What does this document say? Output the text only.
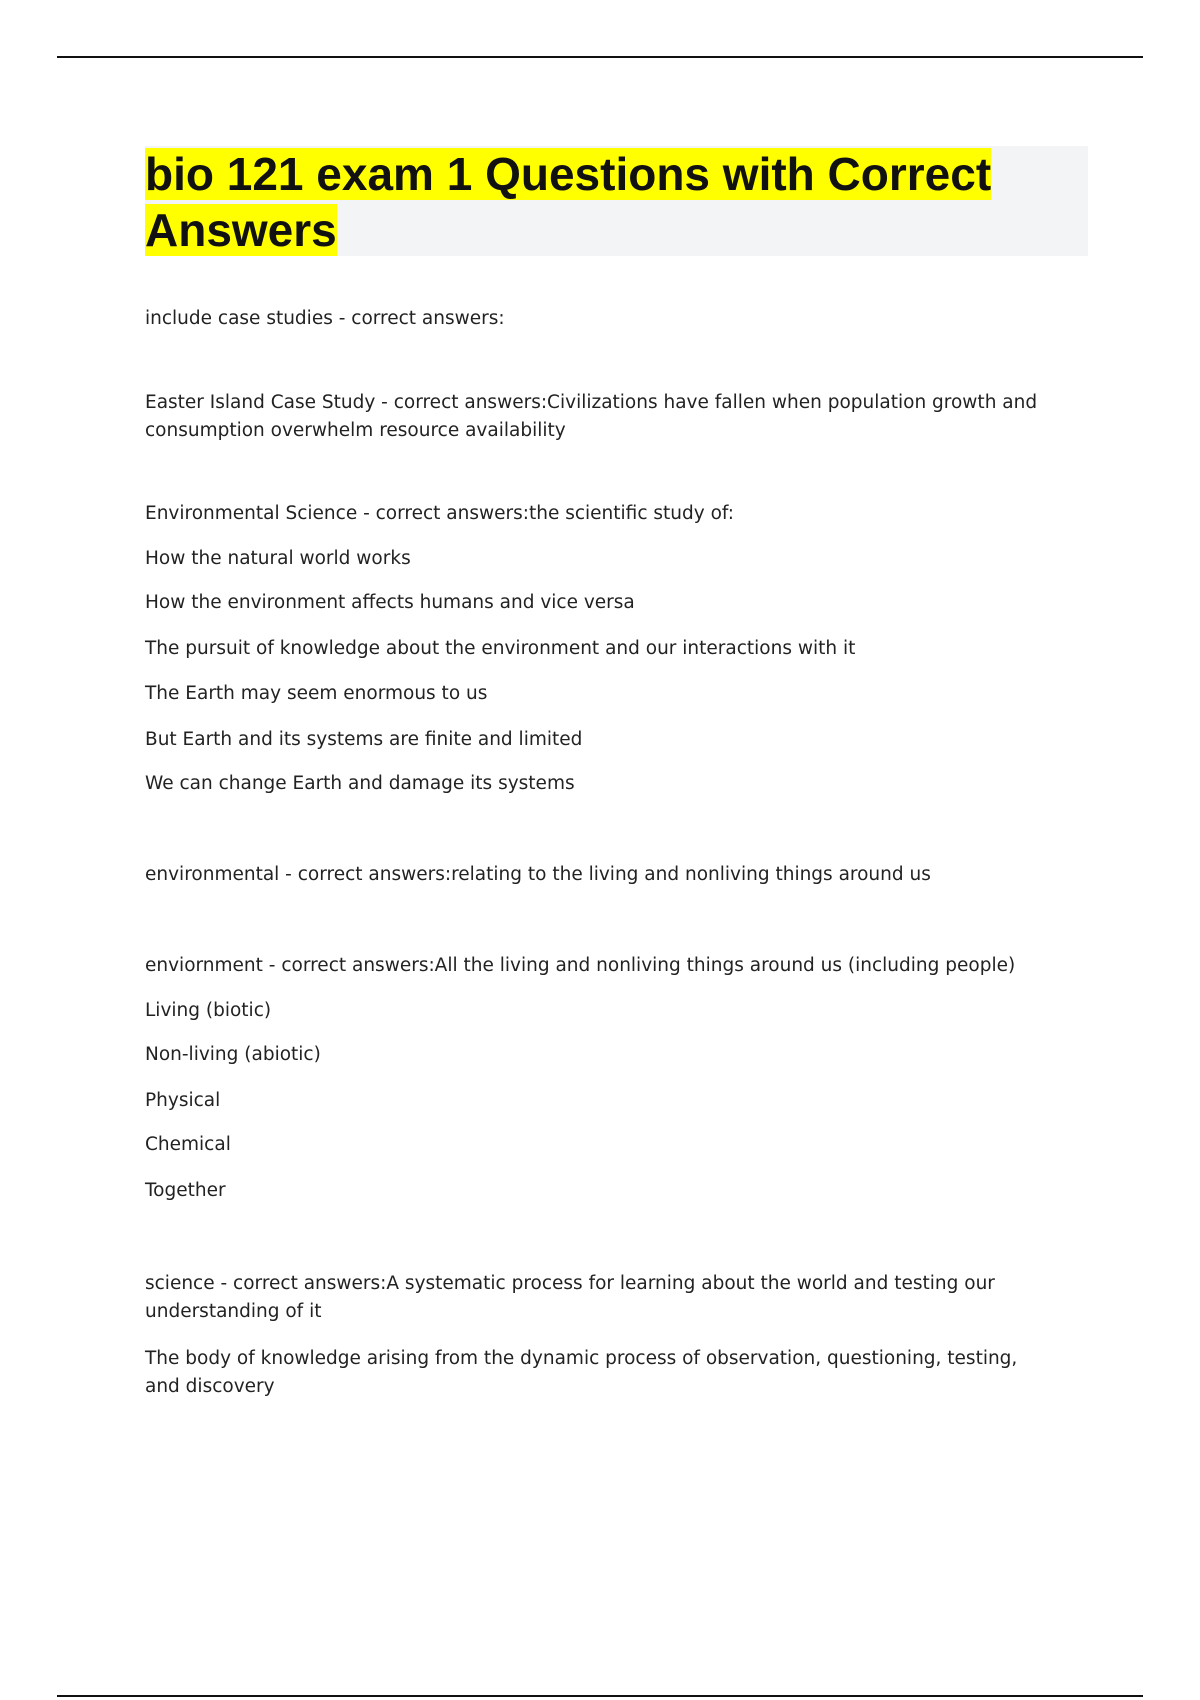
bio 121 exam 1 Questions with Correct Answers

include case studies - correct answers:

Easter Island Case Study - correct answers:Civilizations have fallen when population growth and consumption overwhelm resource availability

Environmental Science - correct answers:the scientific study of:

How the natural world works

How the environment affects humans and vice versa

The pursuit of knowledge about the environment and our interactions with it

The Earth may seem enormous to us

But Earth and its systems are finite and limited

We can change Earth and damage its systems

environmental - correct answers:relating to the living and nonliving things around us

enviornment - correct answers:All the living and nonliving things around us (including people)

Living (biotic)

Non-living (abiotic)

Physical

Chemical

Together

science - correct answers:A systematic process for learning about the world and testing our understanding of it

The body of knowledge arising from the dynamic process of observation, questioning, testing, and discovery
